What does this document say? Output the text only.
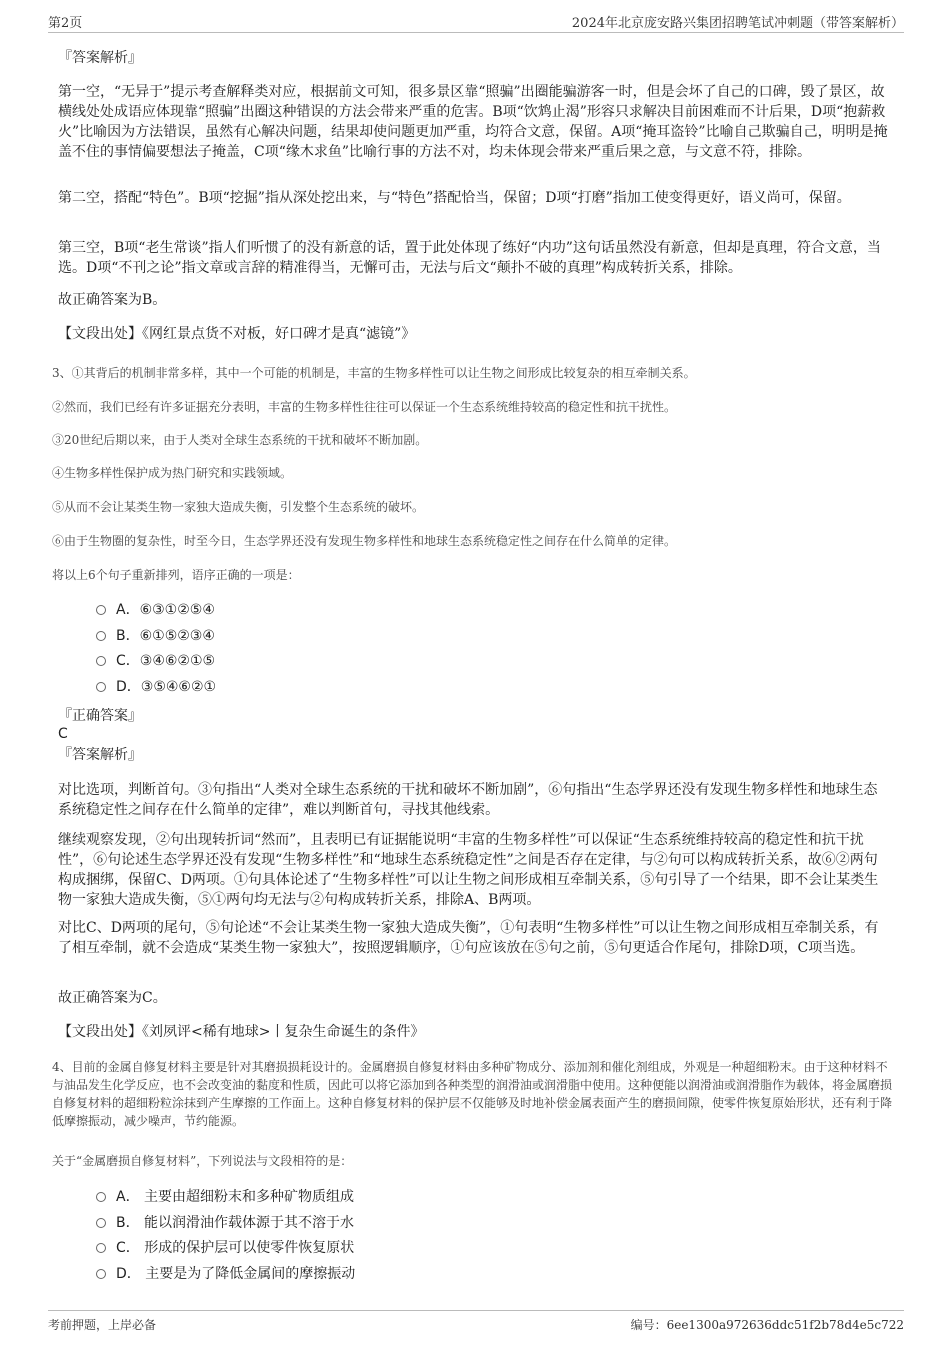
第2页	2024年北京庞安路兴集团招聘笔试冲刺题（带答案解析）
『答案解析』
第一空，“无异于”提示考查解释类对应，根据前文可知，很多景区靠“照骗”出圈能骗游客一时，但是会坏了自己的口碑，毁了景区，故横线处处成语应体现靠“照骗”出圈这种错误的方法会带来严重的危害。B项“饮鸩止渴”形容只求解决目前困难而不计后果，D项“抱薪救火”比喻因为方法错误，虽然有心解决问题，结果却使问题更加严重，均符合文意，保留。A项“掩耳盗铃”比喻自己欺骗自己，明明是掩盖不住的事情偏要想法子掩盖，C项“缘木求鱼”比喻行事的方法不对，均未体现会带来严重后果之意，与文意不符，排除。
第二空，搭配“特色”。B项“挖掘”指从深处挖出来，与“特色”搭配恰当，保留；D项“打磨”指加工使变得更好，语义尚可，保留。
第三空，B项“老生常谈”指人们听惯了的没有新意的话，置于此处体现了练好“内功”这句话虽然没有新意，但却是真理，符合文意，当选。D项“不刊之论”指文章或言辞的精准得当，无懈可击，无法与后文“颠扑不破的真理”构成转折关系，排除。
故正确答案为B。
【文段出处】《网红景点货不对板，好口碑才是真“滤镜”》
3、①其背后的机制非常多样，其中一个可能的机制是，丰富的生物多样性可以让生物之间形成比较复杂的相互牵制关系。
②然而，我们已经有许多证据充分表明，丰富的生物多样性往往可以保证一个生态系统维持较高的稳定性和抗干扰性。
③20世纪后期以来，由于人类对全球生态系统的干扰和破坏不断加剧。
④生物多样性保护成为热门研究和实践领域。
⑤从而不会让某类生物一家独大造成失衡，引发整个生态系统的破坏。
⑥由于生物圈的复杂性，时至今日，生态学界还没有发现生物多样性和地球生态系统稳定性之间存在什么简单的定律。
将以上6个句子重新排列，语序正确的一项是：
A．⑥③①②⑤④
B．⑥①⑤②③④
C．③④⑥②①⑤
D．③⑤④⑥②①
『正确答案』
C
『答案解析』
对比选项，判断首句。③句指出“人类对全球生态系统的干扰和破坏不断加剧”，⑥句指出“生态学界还没有发现生物多样性和地球生态系统稳定性之间存在什么简单的定律”，难以判断首句，寻找其他线索。
继续观察发现，②句出现转折词“然而”，且表明已有证据能说明“丰富的生物多样性”可以保证“生态系统维持较高的稳定性和抗干扰性”，⑥句论述生态学界还没有发现“生物多样性”和“地球生态系统稳定性”之间是否存在定律，与②句可以构成转折关系，故⑥②两句构成捆绑，保留C、D两项。①句具体论述了“生物多样性”可以让生物之间形成相互牵制关系，⑤句引导了一个结果，即不会让某类生物一家独大造成失衡，⑤①两句均无法与②句构成转折关系，排除A、B两项。
对比C、D两项的尾句，⑤句论述“不会让某类生物一家独大造成失衡”，①句表明“生物多样性”可以让生物之间形成相互牵制关系，有了相互牵制，就不会造成“某类生物一家独大”，按照逻辑顺序，①句应该放在⑤句之前，⑤句更适合作尾句，排除D项，C项当选。
故正确答案为C。
【文段出处】《刘夙评<稀有地球>丨复杂生命诞生的条件》
4、目前的金属自修复材料主要是针对其磨损损耗设计的。金属磨损自修复材料由多种矿物成分、添加剂和催化剂组成，外观是一种超细粉末。由于这种材料不与油品发生化学反应，也不会改变油的黏度和性质，因此可以将它添加到各种类型的润滑油或润滑脂中使用。这种便能以润滑油或润滑脂作为载体，将金属磨损自修复材料的超细粉粒涂抹到产生摩擦的工作面上。这种自修复材料的保护层不仅能够及时地补偿金属表面产生的磨损间隙，使零件恢复原始形状，还有利于降低摩擦振动，减少噪声，节约能源。
关于“金属磨损自修复材料”，下列说法与文段相符的是：
A． 主要由超细粉末和多种矿物质组成
B． 能以润滑油作载体源于其不溶于水
C． 形成的保护层可以使零件恢复原状
D． 主要是为了降低金属间的摩擦振动
考前押题，上岸必备	编号：6ee1300a972636ddc51f2b78d4e5c722
